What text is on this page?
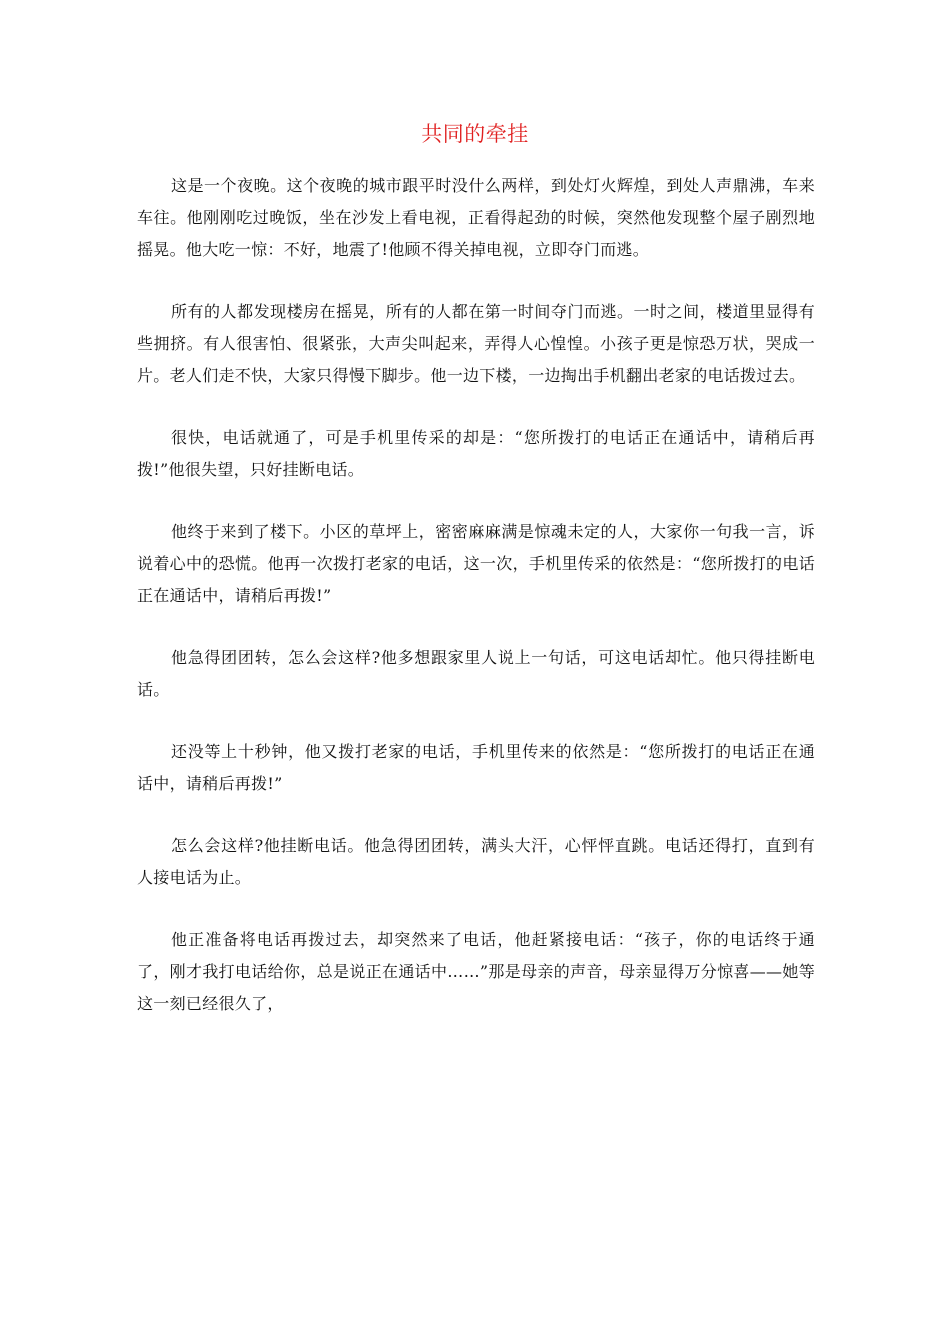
共同的牵挂

这是一个夜晚。这个夜晚的城市跟平时没什么两样，到处灯火辉煌，到处人声鼎沸，车来车往。他刚刚吃过晚饭，坐在沙发上看电视，正看得起劲的时候，突然他发现整个屋子剧烈地摇晃。他大吃一惊：不好，地震了!他顾不得关掉电视，立即夺门而逃。

所有的人都发现楼房在摇晃，所有的人都在第一时间夺门而逃。一时之间，楼道里显得有些拥挤。有人很害怕、很紧张，大声尖叫起来，弄得人心惶惶。小孩子更是惊恐万状，哭成一片。老人们走不快，大家只得慢下脚步。他一边下楼，一边掏出手机翻出老家的电话拨过去。

很快，电话就通了，可是手机里传采的却是：“您所拨打的电话正在通话中，请稍后再拨!”他很失望，只好挂断电话。

他终于来到了楼下。小区的草坪上，密密麻麻满是惊魂未定的人，大家你一句我一言，诉说着心中的恐慌。他再一次拨打老家的电话，这一次，手机里传采的依然是：“您所拨打的电话正在通话中，请稍后再拨!”

他急得团团转，怎么会这样?他多想跟家里人说上一句话，可这电话却忙。他只得挂断电话。

还没等上十秒钟，他又拨打老家的电话，手机里传来的依然是：“您所拨打的电话正在通话中，请稍后再拨!”

怎么会这样?他挂断电话。他急得团团转，满头大汗，心怦怦直跳。电话还得打，直到有人接电话为止。

他正准备将电话再拨过去，却突然来了电话，他赶紧接电话：“孩子，你的电话终于通了，刚才我打电话给你，总是说正在通话中……”那是母亲的声音，母亲显得万分惊喜——她等这一刻已经很久了，
